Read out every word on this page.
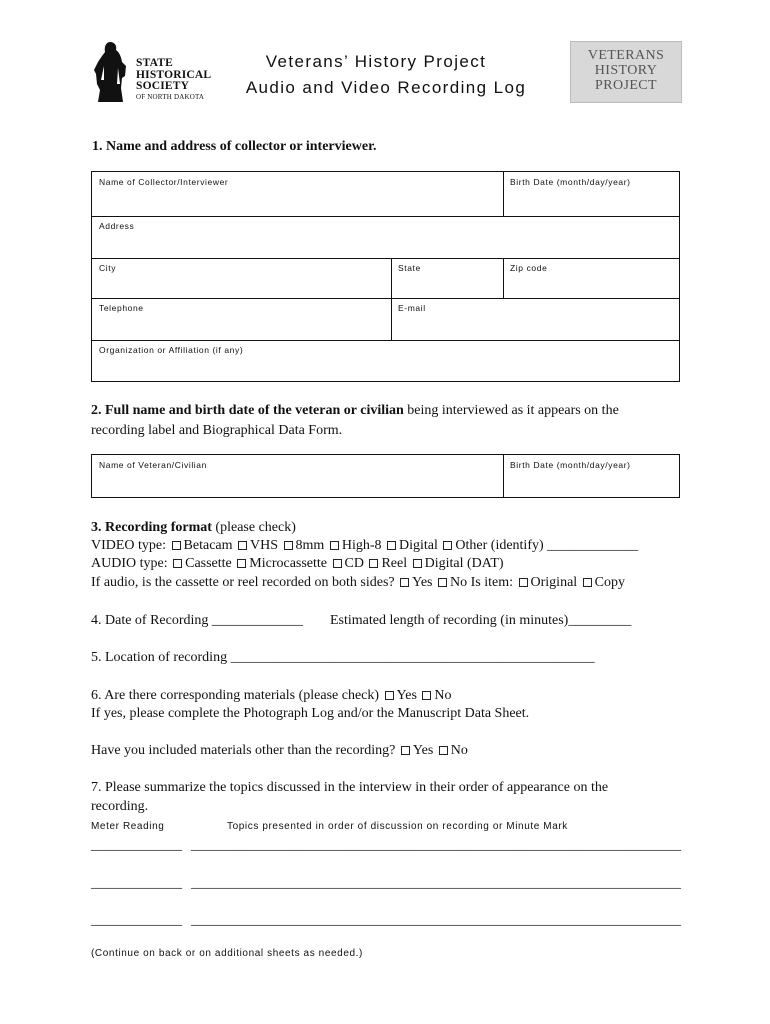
STATE
HISTORICAL
SOCIETY
OF NORTH DAKOTA
Veterans’ History Project
Audio and Video Recording Log
VETERANS
HISTORY
PROJECT
1. Name and address of collector or interviewer.
Name of Collector/Interviewer	Birth Date (month/day/year)
Address
City	State	Zip code
Telephone	E-mail
Organization or Affiliation (if any)
2. Full name and birth date of the veteran or civilian being interviewed as it appears on the
recording label and Biographical Data Form.
Name of Veteran/Civilian	Birth Date (month/day/year)
3. Recording format (please check)
VIDEO type: Betacam VHS 8mm High-8 Digital Other (identify) _____________
AUDIO type: Cassette Microcassette CD Reel Digital (DAT)
If audio, is the cassette or reel recorded on both sides? Yes No Is item: Original Copy
4. Date of Recording _____________ Estimated length of recording (in minutes)_________
5. Location of recording ____________________________________________________
6. Are there corresponding materials (please check) Yes No
If yes, please complete the Photograph Log and/or the Manuscript Data Sheet.
Have you included materials other than the recording? Yes No
7. Please summarize the topics discussed in the interview in their order of appearance on the
recording.
Meter Reading	Topics presented in order of discussion on recording or Minute Mark
_____________ ______________________________________________________________________
_____________ ______________________________________________________________________
_____________ ______________________________________________________________________
(Continue on back or on additional sheets as needed.)
